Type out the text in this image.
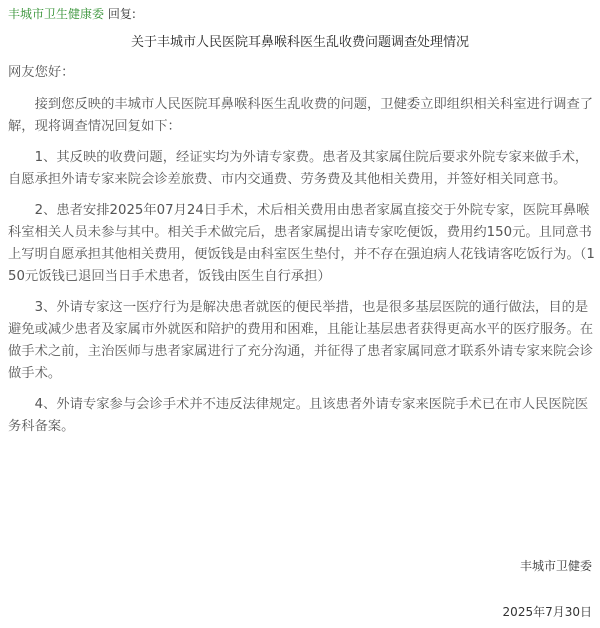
丰城市卫生健康委 回复:
关于丰城市人民医院耳鼻喉科医生乱收费问题调查处理情况

网友您好：

接到您反映的丰城市人民医院耳鼻喉科医生乱收费的问题，卫健委立即组织相关科室进行调查了解，现将调查情况回复如下：

1、其反映的收费问题，经证实均为外请专家费。患者及其家属住院后要求外院专家来做手术，自愿承担外请专家来院会诊差旅费、市内交通费、劳务费及其他相关费用，并签好相关同意书。

2、患者安排2025年07月24日手术，术后相关费用由患者家属直接交于外院专家，医院耳鼻喉科室相关人员未参与其中。相关手术做完后，患者家属提出请专家吃便饭，费用约150元。且同意书上写明自愿承担其他相关费用，便饭钱是由科室医生垫付，并不存在强迫病人花钱请客吃饭行为。（150元饭钱已退回当日手术患者，饭钱由医生自行承担）

3、外请专家这一医疗行为是解决患者就医的便民举措，也是很多基层医院的通行做法，目的是避免或减少患者及家属市外就医和陪护的费用和困难，且能让基层患者获得更高水平的医疗服务。在做手术之前，主治医师与患者家属进行了充分沟通，并征得了患者家属同意才联系外请专家来院会诊做手术。

4、外请专家参与会诊手术并不违反法律规定。且该患者外请专家来医院手术已在市人民医院医务科备案。

丰城市卫健委
2025年7月30日
